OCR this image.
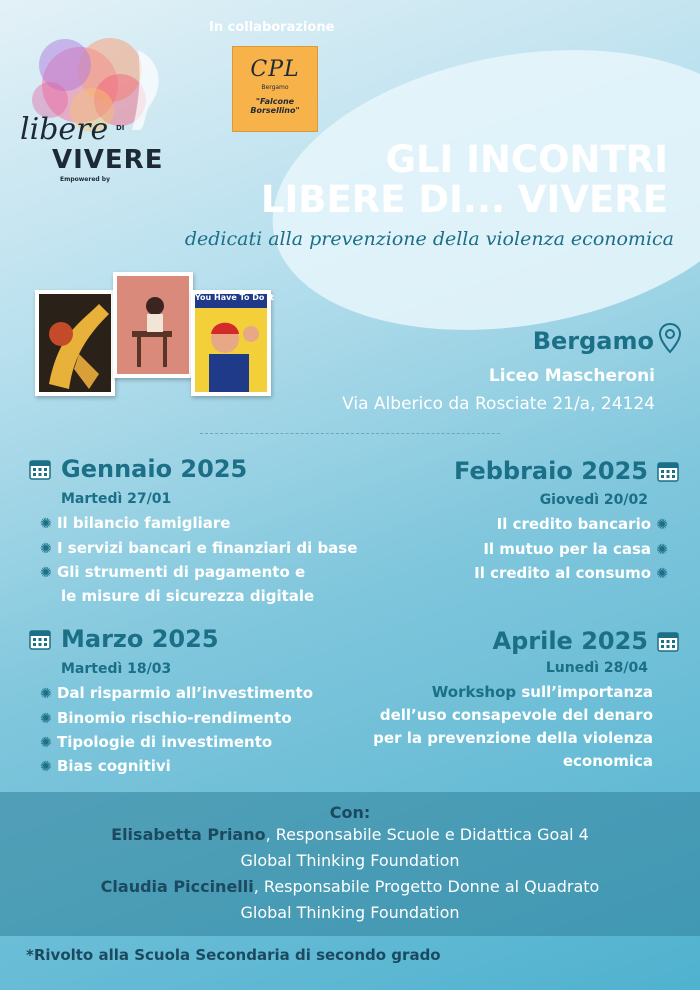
In collaborazione
CPL
Bergamo
"Falcone Borsellino"
libere DI
VIVERE
Empowered by	GLI INCONTRI
LIBERE DI... VIVERE
dedicati alla prevenzione della violenza economica
You Have To Do It
Bergamo
Liceo Mascheroni
Via Alberico da Rosciate 21/a, 24124
Gennaio 2025
Martedì 27/01
✺ Il bilancio famigliare
✺ I servizi bancari e finanziari di base
✺ Gli strumenti di pagamento e
le misure di sicurezza digitale
Febbraio 2025
Giovedì 20/02
Il credito bancario ✺
Il mutuo per la casa ✺
Il credito al consumo ✺
Marzo 2025
Martedì 18/03
✺ Dal risparmio all’investimento
✺ Binomio rischio-rendimento
✺ Tipologie di investimento
✺ Bias cognitivi
Aprile 2025
Lunedì 28/04
Workshop sull’importanza
dell’uso consapevole del denaro
per la prevenzione della violenza
economica
Con:
Elisabetta Priano, Responsabile Scuole e Didattica Goal 4
Global Thinking Foundation
Claudia Piccinelli, Responsabile Progetto Donne al Quadrato
Global Thinking Foundation
*Rivolto alla Scuola Secondaria di secondo grado
